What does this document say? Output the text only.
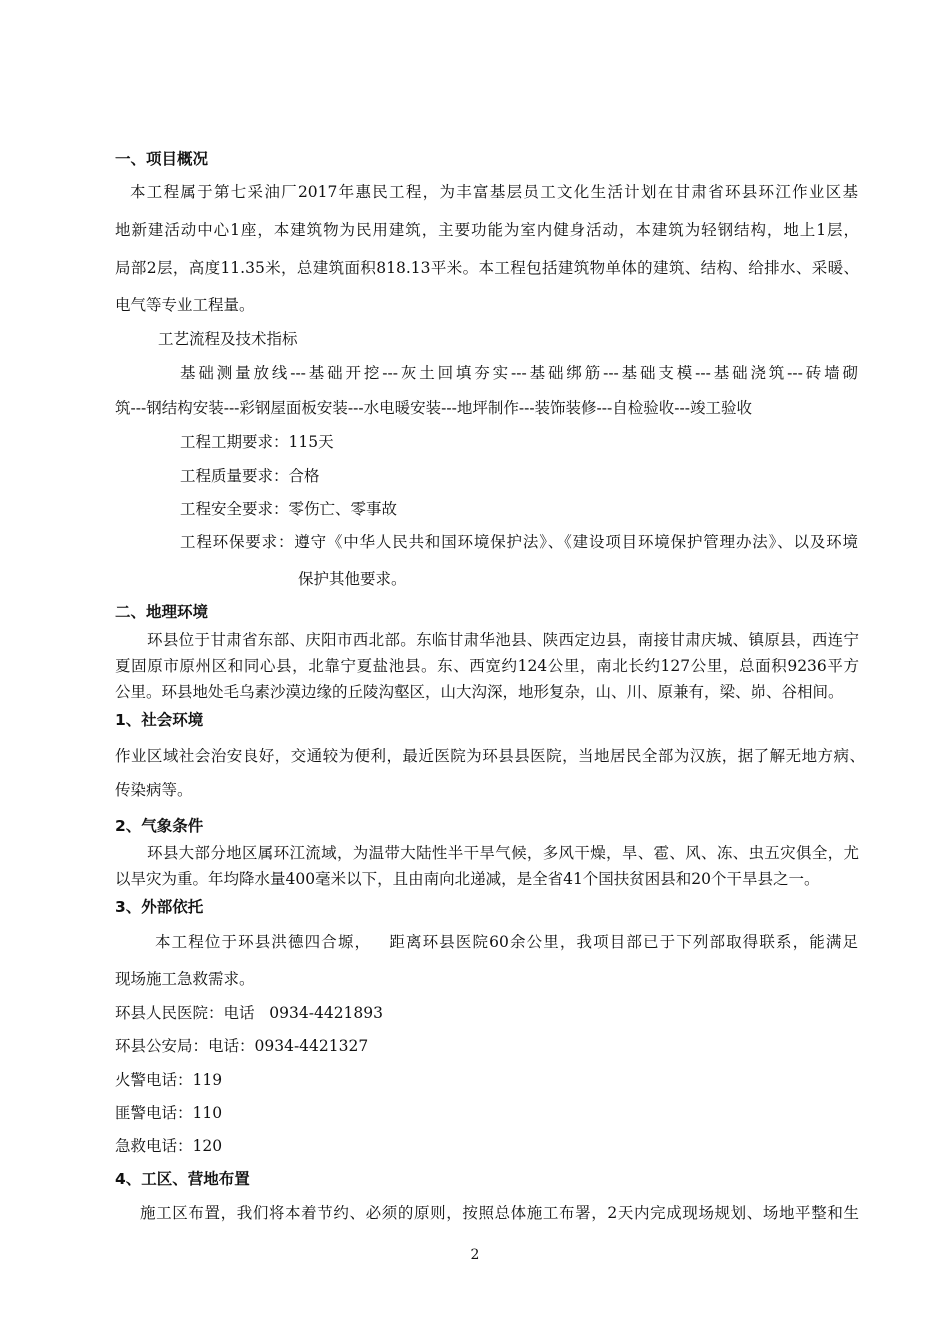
一、项目概况

本工程属于第七采油厂2017年惠民工程，为丰富基层员工文化生活计划在甘肃省环县环江作业区基

地新建活动中心1座，本建筑物为民用建筑，主要功能为室内健身活动，本建筑为轻钢结构，地上1层，

局部2层，高度11.35米，总建筑面积818.13平米。本工程包括建筑物单体的建筑、结构、给排水、采暖、

电气等专业工程量。

工艺流程及技术指标

基础测量放线---基础开挖---灰土回填夯实---基础绑筋---基础支模---基础浇筑---砖墙砌

筑---钢结构安装---彩钢屋面板安装---水电暖安装---地坪制作---装饰装修---自检验收---竣工验收

工程工期要求：115天

工程质量要求：合格

工程安全要求：零伤亡、零事故

工程环保要求：遵守《中华人民共和国环境保护法》、《建设项目环境保护管理办法》、以及环境

保护其他要求。

二、地理环境

环县位于甘肃省东部、庆阳市西北部。东临甘肃华池县、陕西定边县，南接甘肃庆城、镇原县，西连宁

夏固原市原州区和同心县，北靠宁夏盐池县。东、西宽约124公里，南北长约127公里，总面积9236平方

公里。环县地处毛乌素沙漠边缘的丘陵沟壑区，山大沟深，地形复杂，山、川、原兼有，梁、峁、谷相间。

1、社会环境

作业区域社会治安良好，交通较为便利，最近医院为环县县医院，当地居民全部为汉族，据了解无地方病、

传染病等。

2、气象条件

环县大部分地区属环江流域，为温带大陆性半干旱气候，多风干燥，旱、雹、风、冻、虫五灾俱全，尤

以旱灾为重。年均降水量400毫米以下，且由南向北递减，是全省41个国扶贫困县和20个干旱县之一。

3、外部依托

本工程位于环县洪德四合塬，   距离环县医院60余公里，我项目部已于下列部取得联系，能满足

现场施工急救需求。

环县人民医院：电话   0934-4421893

环县公安局：电话：0934-4421327

火警电话：119

匪警电话：110

急救电话：120

4、工区、营地布置

施工区布置，我们将本着节约、必须的原则，按照总体施工布署，2天内完成现场规划、场地平整和生

2
